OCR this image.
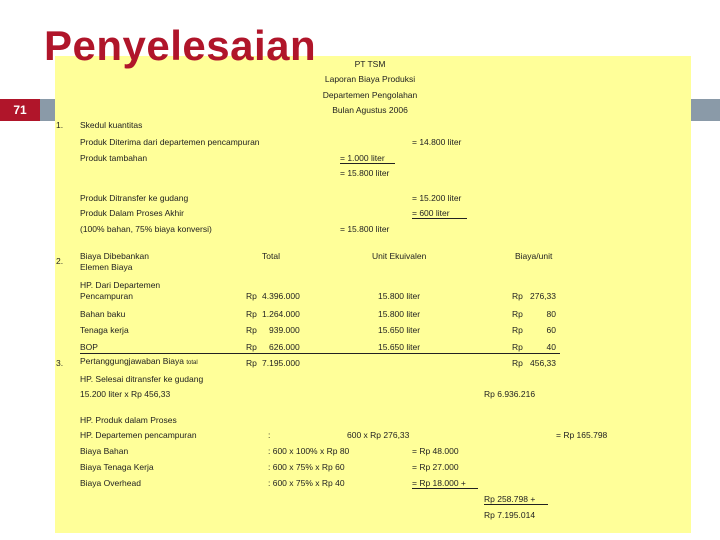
71
Penyelesaian	PT TSM
Laporan Biaya Produksi
Departemen Pengolahan
Bulan Agustus 2006
1. Skedul kuantitas
Produk Diterima dari departemen pencampuran	= 14.800 liter
Produk tambahan	= 1.000 liter
= 15.800 liter
Produk Ditransfer ke gudang	= 15.200 liter
Produk Dalam Proses Akhir	= 600 liter
(100% bahan, 75% biaya konversi)	= 15.800 liter
2. Biaya Dibebankan Elemen Biaya
Total	Unit Ekuivalen	Biaya/unit
HP. Dari Departemen Pencampuran	Rp 4.396.000	15.800 liter	Rp 276,33
Bahan baku	Rp 1.264.000	15.800 liter	Rp	80
Tenaga kerja	Rp 939.000	15.650 liter	Rp	60
BOP	Rp 626.000	15.650 liter	Rp	40
Rp 7.195.000	Rp 456,33
3. Pertanggungjawaban Biaya total
HP. Selesai ditransfer ke gudang
15.200 liter x Rp 456,33	Rp 6.936.216
HP. Produk dalam Proses
HP. Departemen pencampuran	:	600 x Rp 276,33	= Rp 165.798
Biaya Bahan	: 600 x 100% x Rp 80	= Rp 48.000
Biaya Tenaga Kerja	: 600 x 75% x Rp 60	= Rp 27.000
Biaya Overhead	: 600 x 75% x Rp 40	= Rp 18.000 +
Rp 258.798 +
Rp 7.195.014
